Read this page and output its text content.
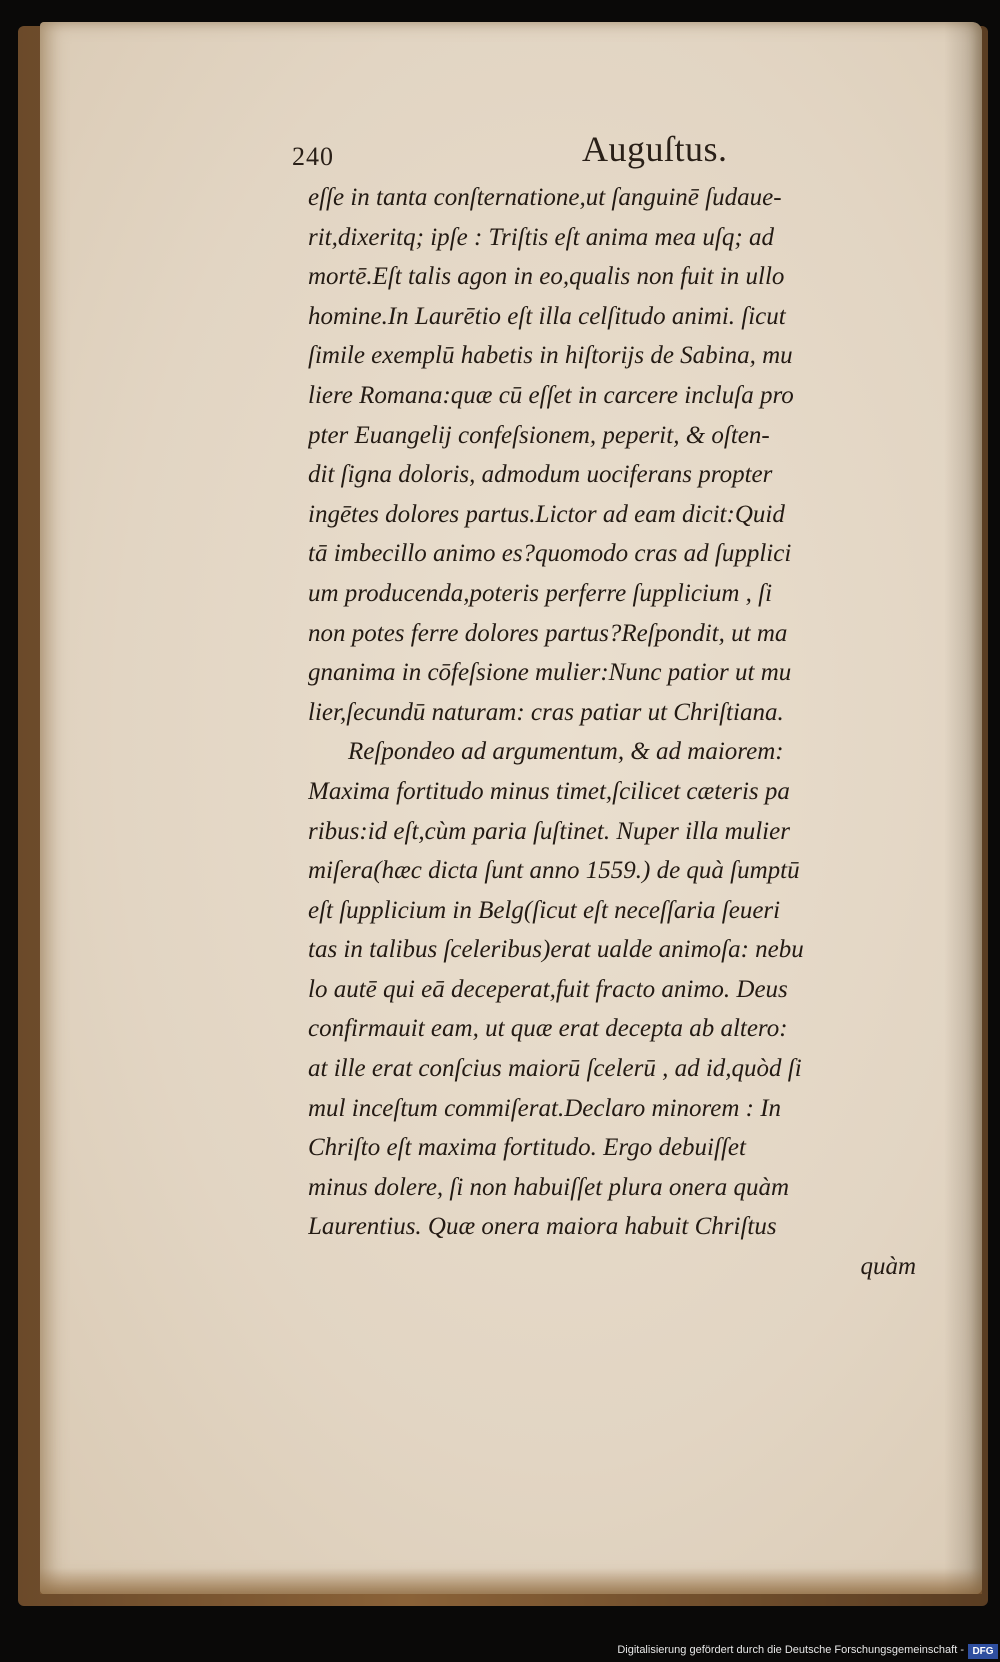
240	Auguſtus.
eſſe in tanta conſternatione,ut ſanguinē ſudaue-
rit,dixeritq; ipſe : Triſtis eſt anima mea uſq; ad
mortē.Eſt talis agon in eo,qualis non fuit in ullo
homine.In Laurētio eſt illa celſitudo animi. ſicut
ſimile exemplū habetis in hiſtorijs de Sabina, mu
liere Romana:quæ cū eſſet in carcere incluſa pro
pter Euangelij confeſsionem, peperit, & oſten-
dit ſigna doloris, admodum uociferans propter
ingētes dolores partus.Lictor ad eam dicit:Quid
tā imbecillo animo es?quomodo cras ad ſupplici
um producenda,poteris perferre ſupplicium , ſi
non potes ferre dolores partus?Reſpondit, ut ma
gnanima in cōfeſsione mulier:Nunc patior ut mu
lier,ſecundū naturam: cras patiar ut Chriſtiana.
Reſpondeo ad argumentum, & ad maiorem:
Maxima fortitudo minus timet,ſcilicet cæteris pa
ribus:id eſt,cùm paria ſuſtinet. Nuper illa mulier
miſera(hæc dicta ſunt anno 1559.) de quà ſumptū
eſt ſupplicium in Belg(ſicut eſt neceſſaria ſeueri
tas in talibus ſceleribus)erat ualde animoſa: nebu
lo autē qui eā deceperat,fuit fracto animo. Deus
confirmauit eam, ut quæ erat decepta ab altero:
at ille erat conſcius maiorū ſcelerū , ad id,quòd ſi
mul inceſtum commiſerat.Declaro minorem : In
Chriſto eſt maxima fortitudo. Ergo debuiſſet
minus dolere, ſi non habuiſſet plura onera quàm
Laurentius. Quæ onera maiora habuit Chriſtus
quàm
Digitalisierung gefördert durch die Deutsche Forschungsgemeinschaft - DFG
